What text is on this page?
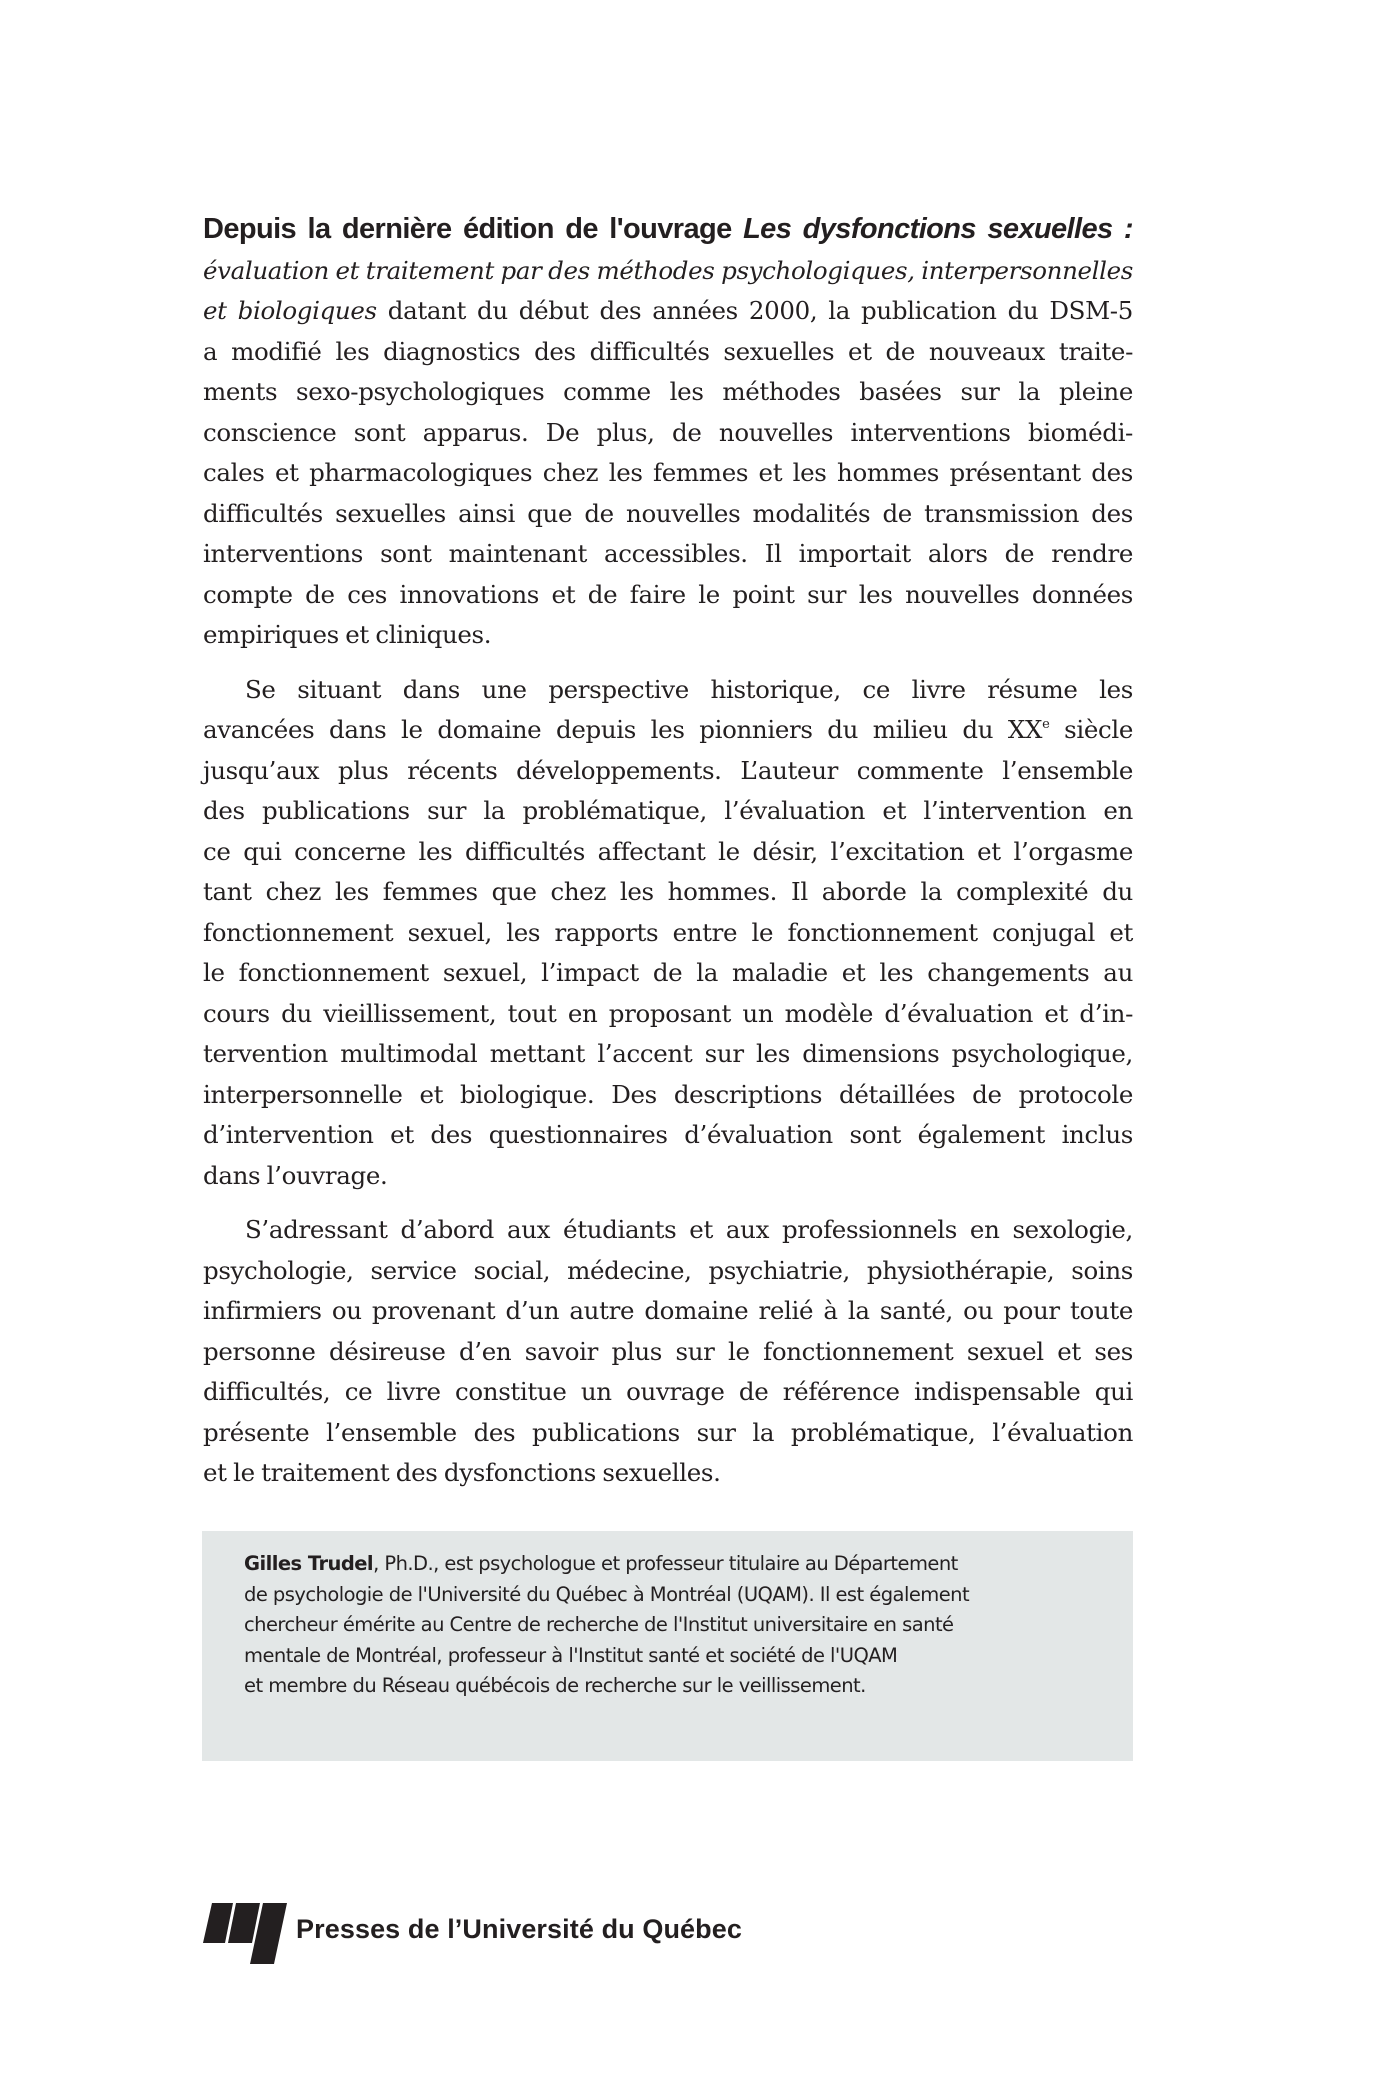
Depuis la dernière édition de l'ouvrage Les dysfonctions sexuelles :
évaluation et traitement par des méthodes psychologiques, interpersonnelles
et biologiques datant du début des années 2000, la publication du DSM-5
a modifié les diagnostics des difficultés sexuelles et de nouveaux traite-
ments sexo-psychologiques comme les méthodes basées sur la pleine
conscience sont apparus. De plus, de nouvelles interventions biomédi-
cales et pharmacologiques chez les femmes et les hommes présentant des
difficultés sexuelles ainsi que de nouvelles modalités de transmission des
interventions sont maintenant accessibles. Il importait alors de rendre
compte de ces innovations et de faire le point sur les nouvelles données
empiriques et cliniques.

Se situant dans une perspective historique, ce livre résume les
avancées dans le domaine depuis les pionniers du milieu du XXe siècle
jusqu’aux plus récents développements. L’auteur commente l’ensemble
des publications sur la problématique, l’évaluation et l’intervention en
ce qui concerne les difficultés affectant le désir, l’excitation et l’orgasme
tant chez les femmes que chez les hommes. Il aborde la complexité du
fonctionnement sexuel, les rapports entre le fonctionnement conjugal et
le fonctionnement sexuel, l’impact de la maladie et les changements au
cours du vieillissement, tout en proposant un modèle d’évaluation et d’in-
tervention multimodal mettant l’accent sur les dimensions psychologique,
interpersonnelle et biologique. Des descriptions détaillées de protocole
d’intervention et des questionnaires d’évaluation sont également inclus
dans l’ouvrage.

S’adressant d’abord aux étudiants et aux professionnels en sexologie,
psychologie, service social, médecine, psychiatrie, physiothérapie, soins
infirmiers ou provenant d’un autre domaine relié à la santé, ou pour toute
personne désireuse d’en savoir plus sur le fonctionnement sexuel et ses
difficultés, ce livre constitue un ouvrage de référence indispensable qui
présente l’ensemble des publications sur la problématique, l’évaluation
et le traitement des dysfonctions sexuelles.

Gilles Trudel, Ph.D., est psychologue et professeur titulaire au Département
de psychologie de l'Université du Québec à Montréal (UQAM). Il est également
chercheur émérite au Centre de recherche de l'Institut universitaire en santé
mentale de Montréal, professeur à l'Institut santé et société de l'UQAM
et membre du Réseau québécois de recherche sur le veillissement.
Presses de l’Université du Québec
